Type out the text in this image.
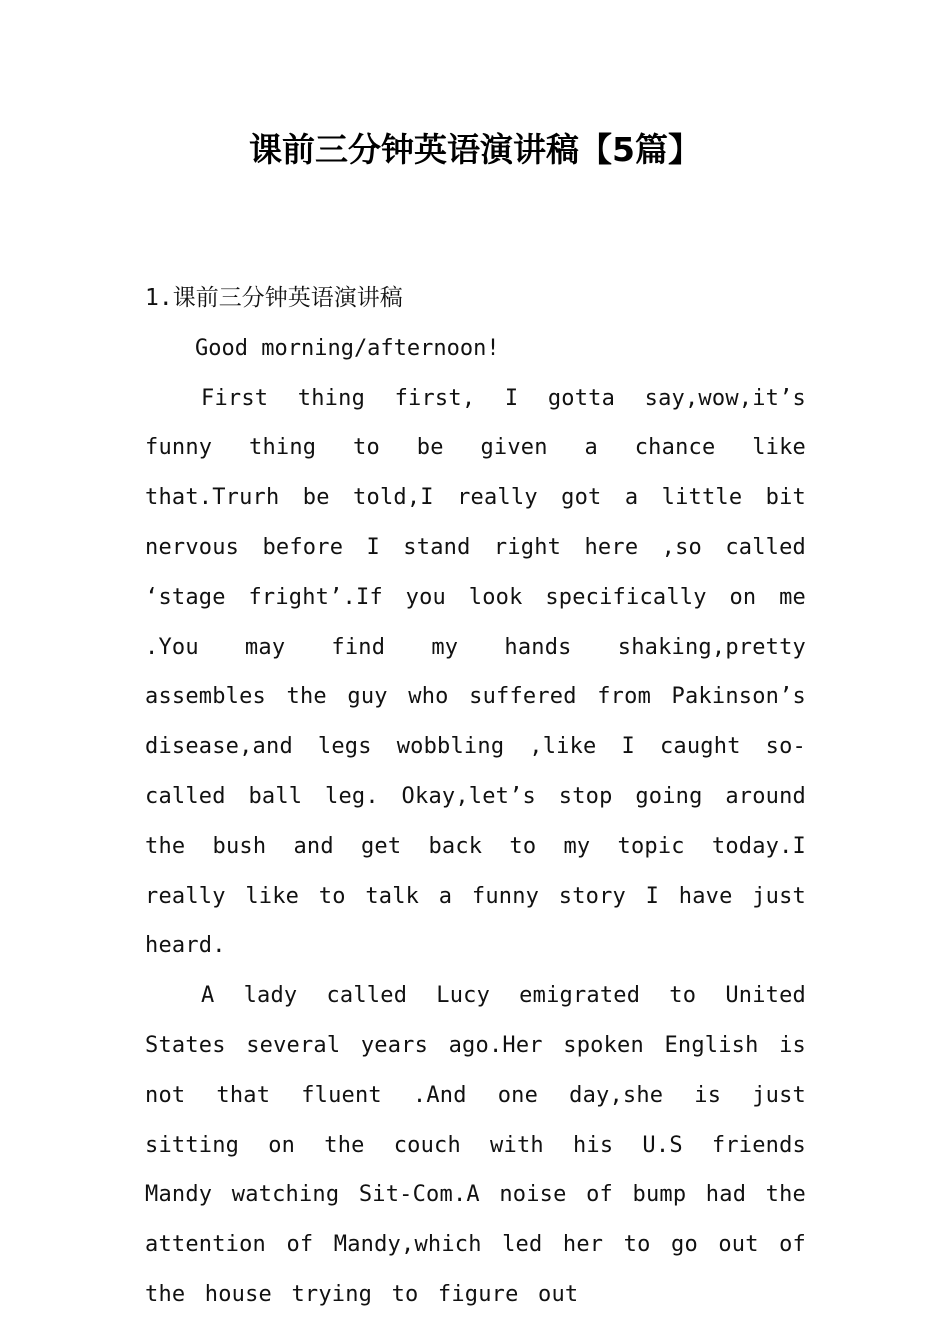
课前三分钟英语演讲稿【5篇】

1.课前三分钟英语演讲稿

Good morning/afternoon!

First thing first, I gotta say,wow,it’s funny thing to be given a chance like that.Trurh be told,I really got a little bit nervous before I stand right here ,so called ‘stage fright’.If you look specifically on me .You may find my hands shaking,pretty assembles the guy who suffered from Pakinson’s disease,and legs wobbling ,like I caught so-called ball leg. Okay,let’s stop going around the bush and get back to my topic today.I really like to talk a funny story I have just heard.

A lady called Lucy emigrated to United States several years ago.Her spoken English is not that fluent .And one day,she is just sitting on the couch with his U.S friends Mandy watching Sit-Com.A noise of bump had the attention of Mandy,which led her to go out of the house trying to figure out
